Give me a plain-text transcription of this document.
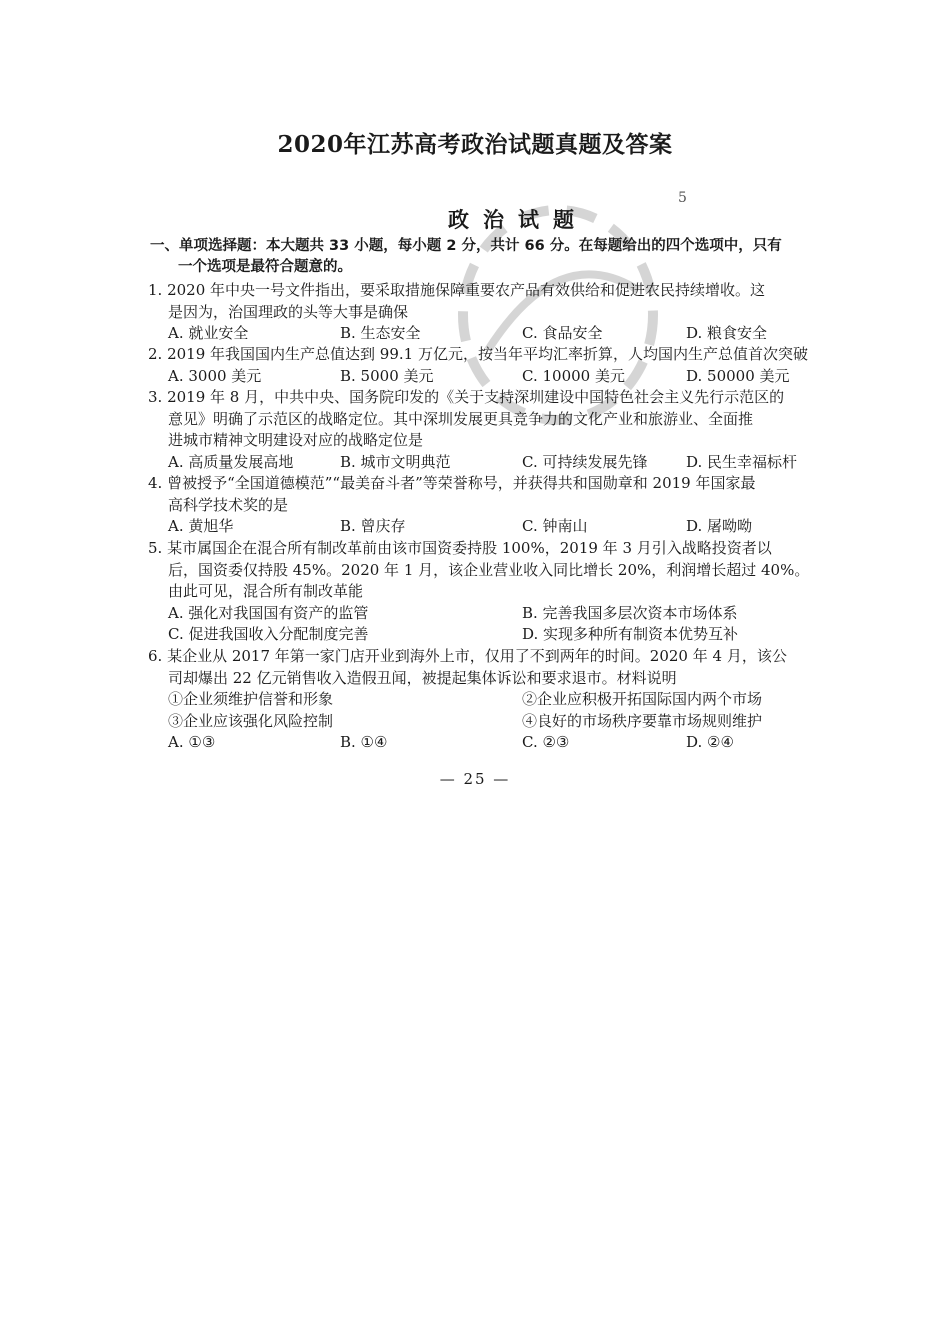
2020年江苏高考政治试题真题及答案
5
政治试题
一、单项选择题：本大题共 33 小题，每小题 2 分，共计 66 分。在每题给出的四个选项中，只有
一个选项是最符合题意的。
1. 2020 年中央一号文件指出，要采取措施保障重要农产品有效供给和促进农民持续增收。这
是因为，治国理政的头等大事是确保
A. 就业安全	B. 生态安全	C. 食品安全	D. 粮食安全
2. 2019 年我国国内生产总值达到 99.1 万亿元，按当年平均汇率折算，人均国内生产总值首次突破
A. 3000 美元	B. 5000 美元	C. 10000 美元	D. 50000 美元
3. 2019 年 8 月，中共中央、国务院印发的《关于支持深圳建设中国特色社会主义先行示范区的
意见》明确了示范区的战略定位。其中深圳发展更具竞争力的文化产业和旅游业、全面推
进城市精神文明建设对应的战略定位是
A. 高质量发展高地	B. 城市文明典范	C. 可持续发展先锋	D. 民生幸福标杆
4. 曾被授予“全国道德模范”“最美奋斗者”等荣誉称号，并获得共和国勋章和 2019 年国家最
高科学技术奖的是
A. 黄旭华	B. 曾庆存	C. 钟南山	D. 屠呦呦
5. 某市属国企在混合所有制改革前由该市国资委持股 100%，2019 年 3 月引入战略投资者以
后，国资委仅持股 45%。2020 年 1 月，该企业营业收入同比增长 20%，利润增长超过 40%。
由此可见，混合所有制改革能
A. 强化对我国国有资产的监管	B. 完善我国多层次资本市场体系
C. 促进我国收入分配制度完善	D. 实现多种所有制资本优势互补
6. 某企业从 2017 年第一家门店开业到海外上市，仅用了不到两年的时间。2020 年 4 月，该公
司却爆出 22 亿元销售收入造假丑闻，被提起集体诉讼和要求退市。材料说明
①企业须维护信誉和形象	②企业应积极开拓国际国内两个市场
③企业应该强化风险控制	④良好的市场秩序要靠市场规则维护
A. ①③	B. ①④	C. ②③	D. ②④
— 25 —
